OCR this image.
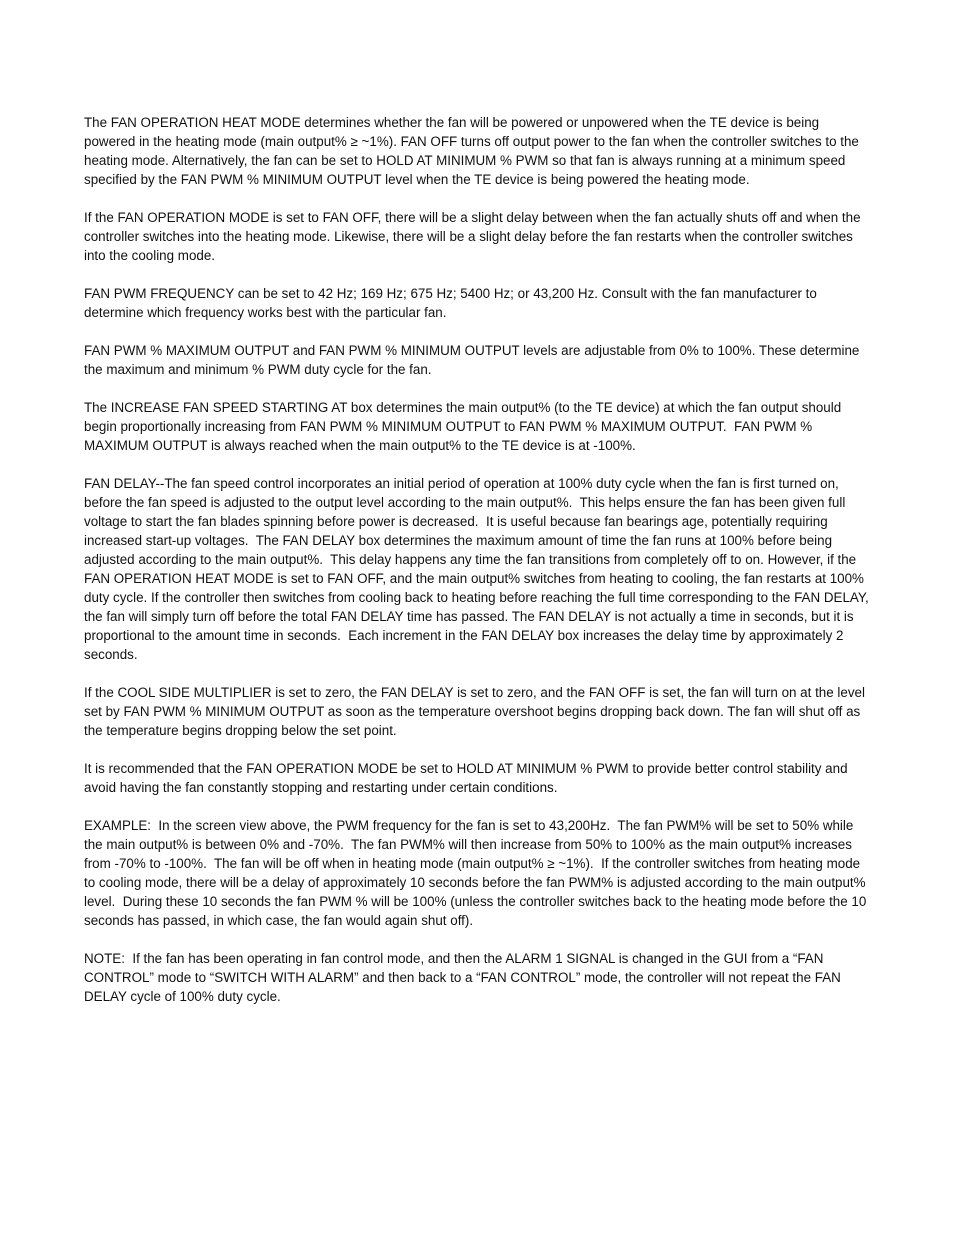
The FAN OPERATION HEAT MODE determines whether the fan will be powered or unpowered when the TE device is being powered in the heating mode (main output% ≥ ~1%). FAN OFF turns off output power to the fan when the controller switches to the heating mode. Alternatively, the fan can be set to HOLD AT MINIMUM % PWM so that fan is always running at a minimum speed specified by the FAN PWM % MINIMUM OUTPUT level when the TE device is being powered the heating mode.

If the FAN OPERATION MODE is set to FAN OFF, there will be a slight delay between when the fan actually shuts off and when the controller switches into the heating mode. Likewise, there will be a slight delay before the fan restarts when the controller switches into the cooling mode.

FAN PWM FREQUENCY can be set to 42 Hz; 169 Hz; 675 Hz; 5400 Hz; or 43,200 Hz. Consult with the fan manufacturer to determine which frequency works best with the particular fan.

FAN PWM % MAXIMUM OUTPUT and FAN PWM % MINIMUM OUTPUT levels are adjustable from 0% to 100%. These determine the maximum and minimum % PWM duty cycle for the fan.

The INCREASE FAN SPEED STARTING AT box determines the main output% (to the TE device) at which the fan output should begin proportionally increasing from FAN PWM % MINIMUM OUTPUT to FAN PWM % MAXIMUM OUTPUT.  FAN PWM % MAXIMUM OUTPUT is always reached when the main output% to the TE device is at -100%.

FAN DELAY--The fan speed control incorporates an initial period of operation at 100% duty cycle when the fan is first turned on, before the fan speed is adjusted to the output level according to the main output%.  This helps ensure the fan has been given full voltage to start the fan blades spinning before power is decreased.  It is useful because fan bearings age, potentially requiring increased start-up voltages.  The FAN DELAY box determines the maximum amount of time the fan runs at 100% before being adjusted according to the main output%.  This delay happens any time the fan transitions from completely off to on. However, if the FAN OPERATION HEAT MODE is set to FAN OFF, and the main output% switches from heating to cooling, the fan restarts at 100% duty cycle. If the controller then switches from cooling back to heating before reaching the full time corresponding to the FAN DELAY, the fan will simply turn off before the total FAN DELAY time has passed. The FAN DELAY is not actually a time in seconds, but it is proportional to the amount time in seconds.  Each increment in the FAN DELAY box increases the delay time by approximately 2 seconds.

If the COOL SIDE MULTIPLIER is set to zero, the FAN DELAY is set to zero, and the FAN OFF is set, the fan will turn on at the level set by FAN PWM % MINIMUM OUTPUT as soon as the temperature overshoot begins dropping back down. The fan will shut off as the temperature begins dropping below the set point.

It is recommended that the FAN OPERATION MODE be set to HOLD AT MINIMUM % PWM to provide better control stability and avoid having the fan constantly stopping and restarting under certain conditions.

EXAMPLE:  In the screen view above, the PWM frequency for the fan is set to 43,200Hz.  The fan PWM% will be set to 50% while the main output% is between 0% and -70%.  The fan PWM% will then increase from 50% to 100% as the main output% increases from -70% to -100%.  The fan will be off when in heating mode (main output% ≥ ~1%).  If the controller switches from heating mode to cooling mode, there will be a delay of approximately 10 seconds before the fan PWM% is adjusted according to the main output% level.  During these 10 seconds the fan PWM % will be 100% (unless the controller switches back to the heating mode before the 10 seconds has passed, in which case, the fan would again shut off).

NOTE:  If the fan has been operating in fan control mode, and then the ALARM 1 SIGNAL is changed in the GUI from a “FAN CONTROL” mode to “SWITCH WITH ALARM” and then back to a “FAN CONTROL” mode, the controller will not repeat the FAN DELAY cycle of 100% duty cycle.
